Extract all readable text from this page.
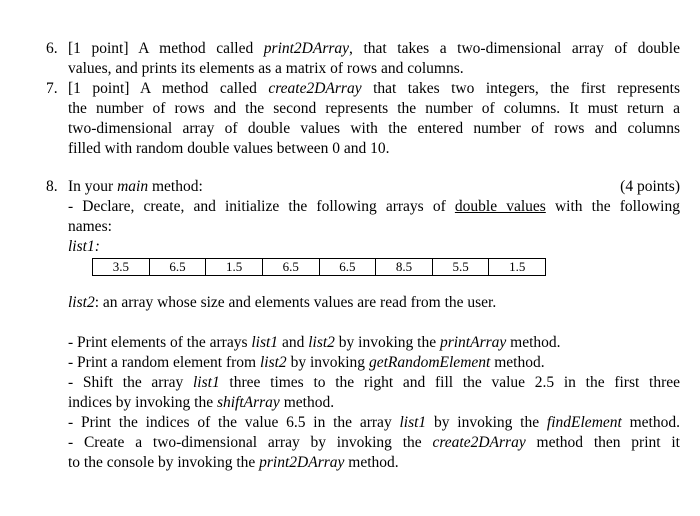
6. [1 point] A method called print2DArray, that takes a two-dimensional array of double
values, and prints its elements as a matrix of rows and columns.
7. [1 point] A method called create2DArray that takes two integers, the first represents
the number of rows and the second represents the number of columns. It must return a
two-dimensional array of double values with the entered number of rows and columns
filled with random double values between 0 and 10.
8. In your main method:	(4 points)
- Declare, create, and initialize the following arrays of double values with the following
names:
list1:
3.5	6.5	1.5	6.5	6.5	8.5	5.5	1.5
list2: an array whose size and elements values are read from the user.
- Print elements of the arrays list1 and list2 by invoking the printArray method.
- Print a random element from list2 by invoking getRandomElement method.
- Shift the array list1 three times to the right and fill the value 2.5 in the first three
indices by invoking the shiftArray method.
- Print the indices of the value 6.5 in the array list1 by invoking the findElement method.
- Create a two-dimensional array by invoking the create2DArray method then print it
to the console by invoking the print2DArray method.
